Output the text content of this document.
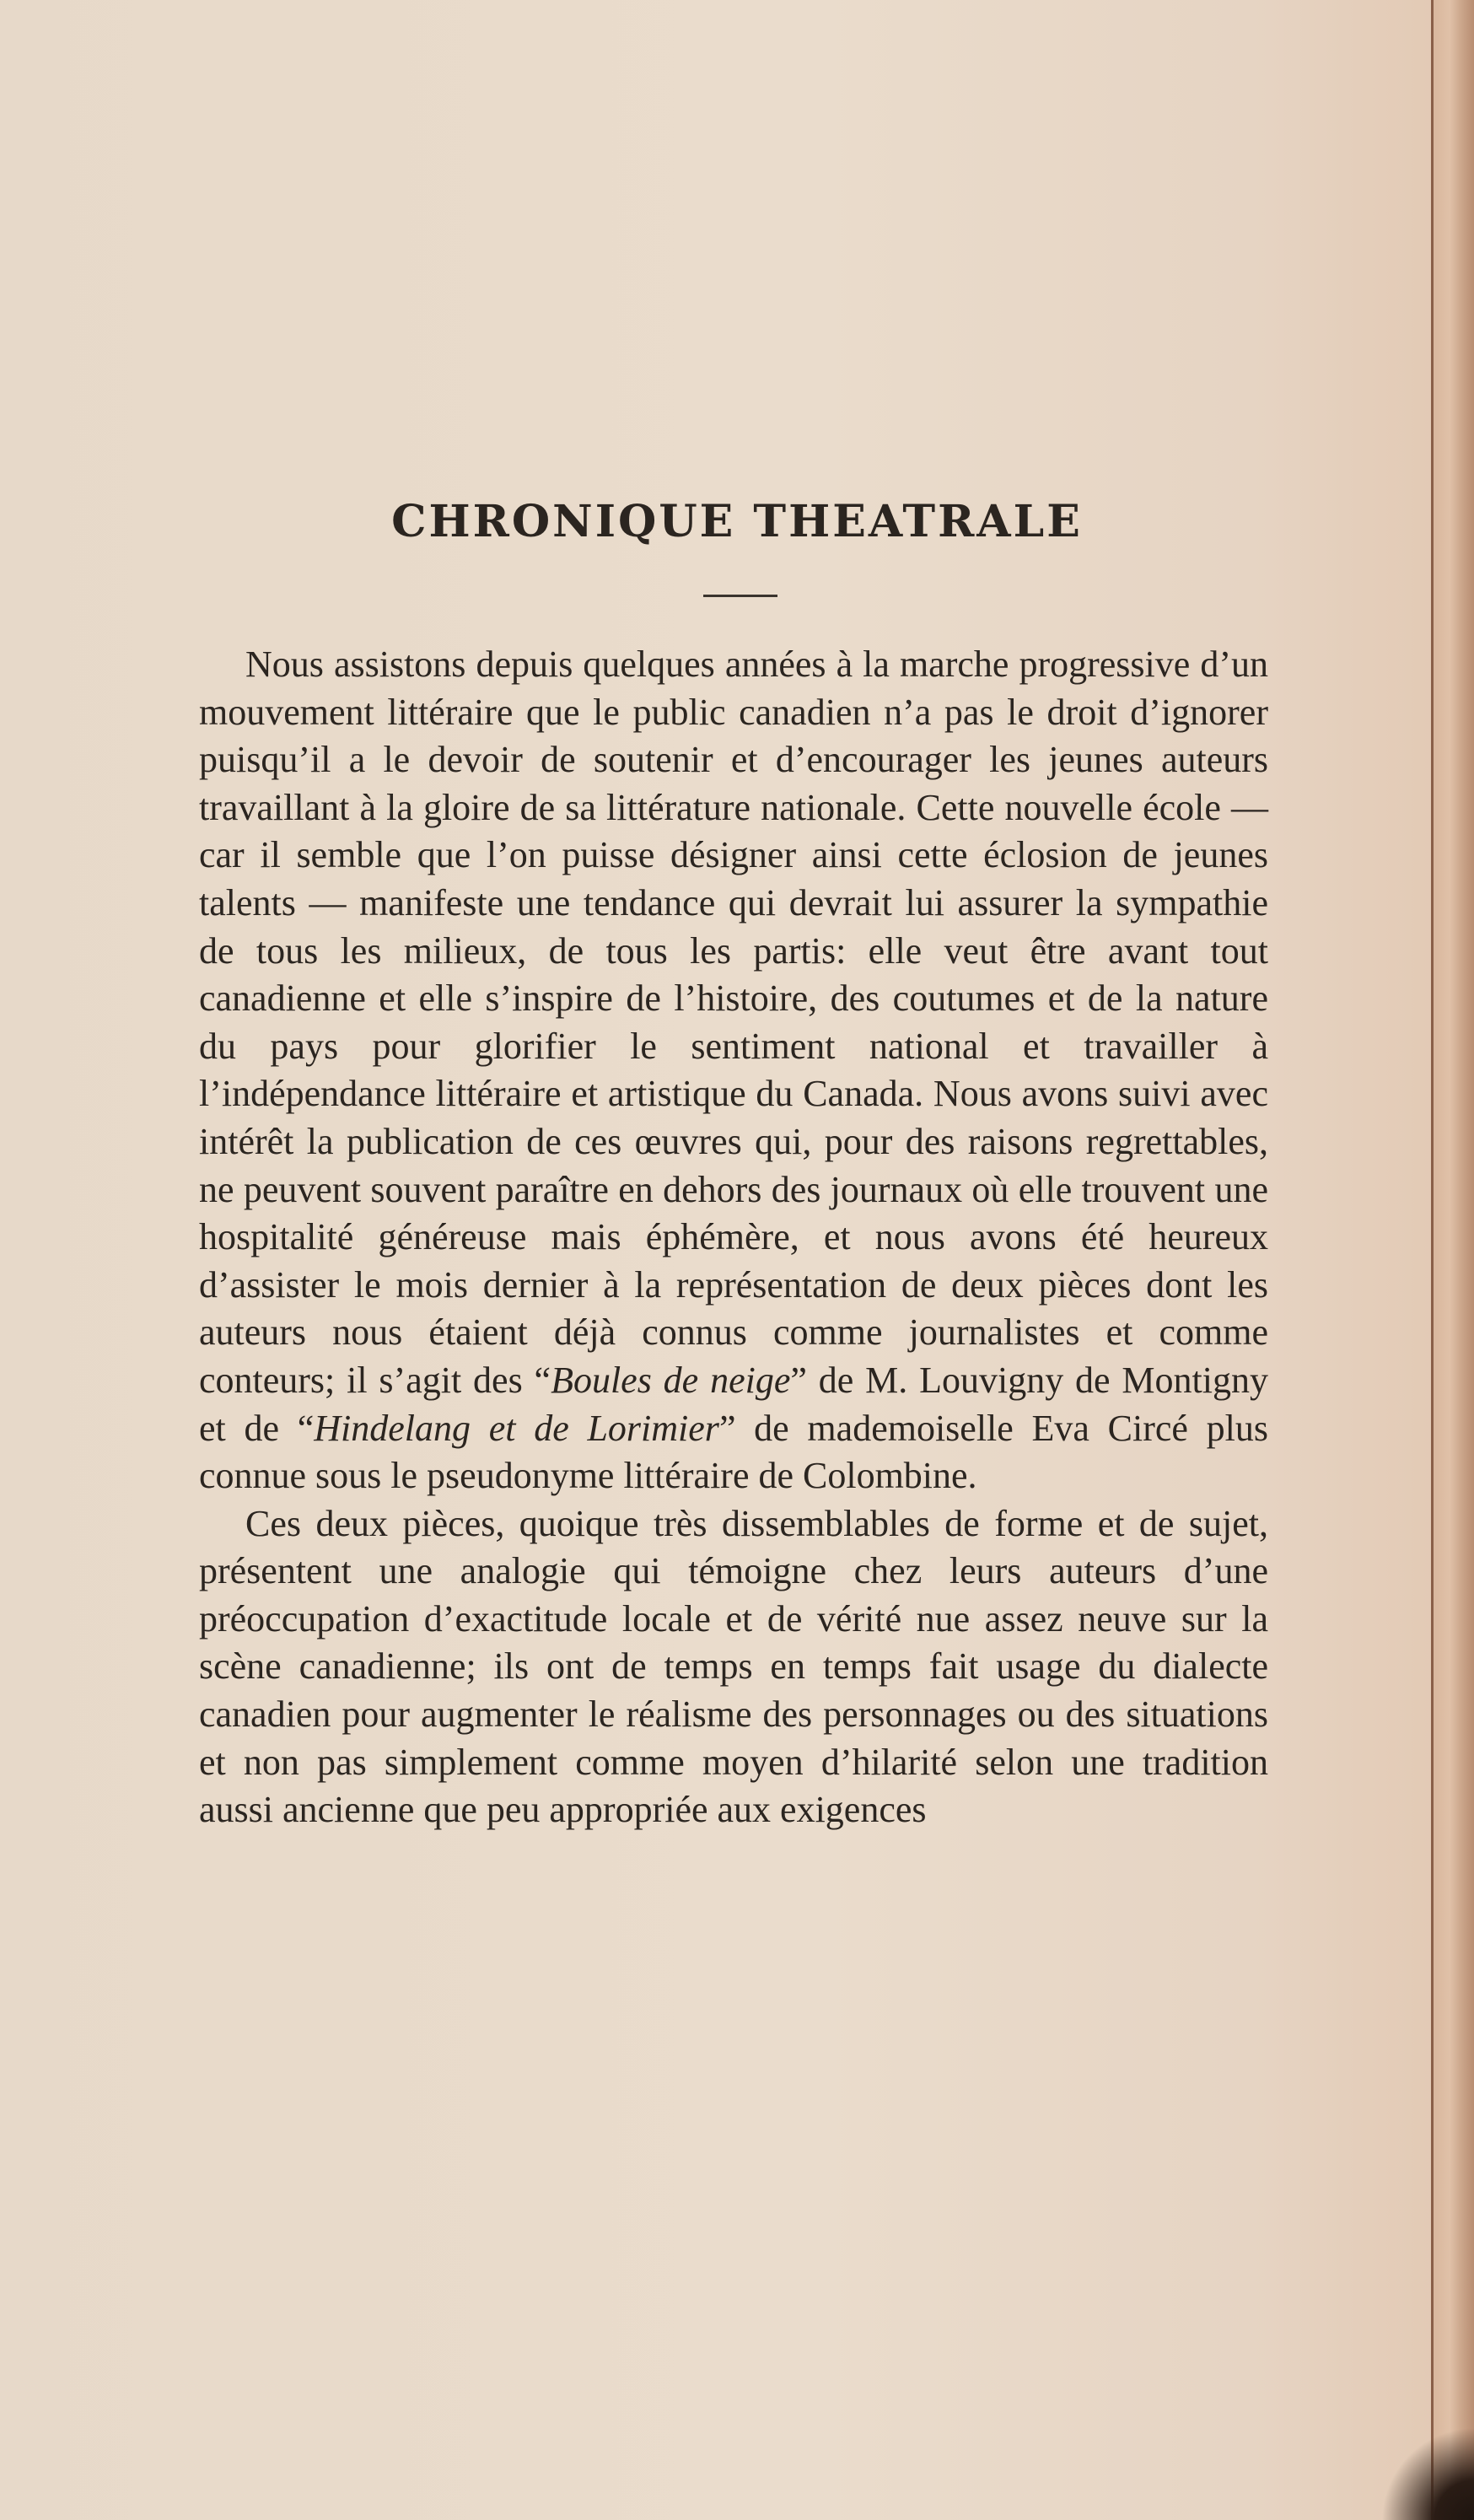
CHRONIQUE THEATRALE

Nous assistons depuis quelques années à la marche progressive d’un mouvement littéraire que le public canadien n’a pas le droit d’ignorer puisqu’il a le devoir de soutenir et d’encourager les jeunes auteurs travaillant à la gloire de sa littérature nationale. Cette nouvelle école — car il semble que l’on puisse désigner ainsi cette éclosion de jeunes talents — manifeste une tendance qui devrait lui assurer la sympathie de tous les milieux, de tous les partis: elle veut être avant tout canadienne et elle s’inspire de l’histoire, des coutumes et de la nature du pays pour glorifier le sentiment national et travailler à l’indépendance littéraire et artistique du Canada. Nous avons suivi avec intérêt la publication de ces œuvres qui, pour des raisons regrettables, ne peuvent souvent paraître en dehors des journaux où elle trouvent une hospitalité généreuse mais éphémère, et nous avons été heureux d’assister le mois dernier à la représentation de deux pièces dont les auteurs nous étaient déjà connus comme journalistes et comme conteurs; il s’agit des “Boules de neige” de M. Louvigny de Montigny et de “Hindelang et de Lorimier” de mademoiselle Eva Circé plus connue sous le pseudonyme littéraire de Colombine.

Ces deux pièces, quoique très dissemblables de forme et de sujet, présentent une analogie qui témoigne chez leurs auteurs d’une préoccupation d’exactitude locale et de vérité nue assez neuve sur la scène canadienne; ils ont de temps en temps fait usage du dialecte canadien pour augmenter le réalisme des personnages ou des situations et non pas simplement comme moyen d’hilarité selon une tradition aussi ancienne que peu appropriée aux exigences
